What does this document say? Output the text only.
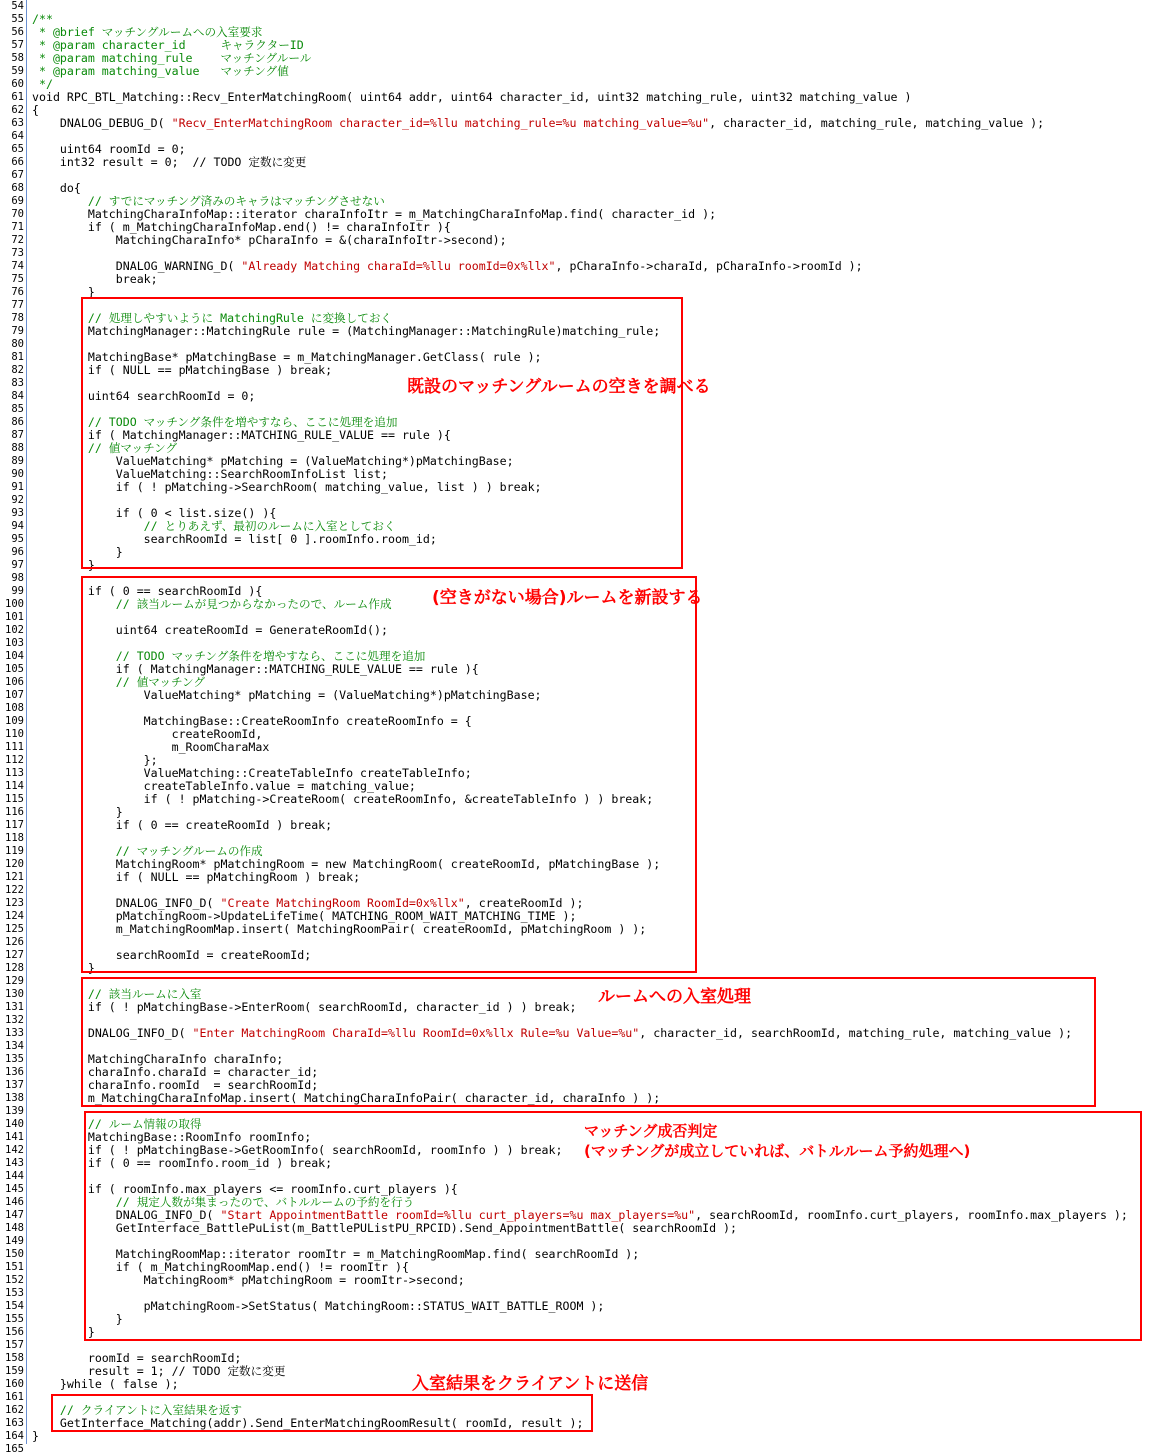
54
55 /**
56 * @brief マッチングルームへの入室要求
57 * @param character_id     キャラクターID
58 * @param matching_rule    マッチングルール
59 * @param matching_value   マッチング値
60 */
61 void RPC_BTL_Matching::Recv_EnterMatchingRoom( uint64 addr, uint64 character_id, uint32 matching_rule, uint32 matching_value )
62 {
63 DNALOG_DEBUG_D( "Recv_EnterMatchingRoom character_id=%llu matching_rule=%u matching_value=%u", character_id, matching_rule, matching_value );
64
65 uint64 roomId = 0;
66 int32 result = 0;  // TODO 定数に変更
67
68 do{
69 // すでにマッチング済みのキャラはマッチングさせない
70 MatchingCharaInfoMap::iterator charaInfoItr = m_MatchingCharaInfoMap.find( character_id );
71 if ( m_MatchingCharaInfoMap.end() != charaInfoItr ){
72 MatchingCharaInfo* pCharaInfo = &(charaInfoItr->second);
73
74 DNALOG_WARNING_D( "Already Matching charaId=%llu roomId=0x%llx", pCharaInfo->charaId, pCharaInfo->roomId );
75 break;
76 }
77
78 // 処理しやすいように MatchingRule に変換しておく
79 MatchingManager::MatchingRule rule = (MatchingManager::MatchingRule)matching_rule;
80
81 MatchingBase* pMatchingBase = m_MatchingManager.GetClass( rule );
82 if ( NULL == pMatchingBase ) break;
83
84 uint64 searchRoomId = 0;
85
86 // TODO マッチング条件を増やすなら、ここに処理を追加
87 if ( MatchingManager::MATCHING_RULE_VALUE == rule ){
88 // 値マッチング
89 ValueMatching* pMatching = (ValueMatching*)pMatchingBase;
90 ValueMatching::SearchRoomInfoList list;
91 if ( ! pMatching->SearchRoom( matching_value, list ) ) break;
92
93 if ( 0 < list.size() ){
94 // とりあえず、最初のルームに入室としておく
95 searchRoomId = list[ 0 ].roomInfo.room_id;
96 }
97 }
98
99 if ( 0 == searchRoomId ){
100 // 該当ルームが見つからなかったので、ルーム作成
101
102 uint64 createRoomId = GenerateRoomId();
103
104 // TODO マッチング条件を増やすなら、ここに処理を追加
105 if ( MatchingManager::MATCHING_RULE_VALUE == rule ){
106 // 値マッチング
107 ValueMatching* pMatching = (ValueMatching*)pMatchingBase;
108
109 MatchingBase::CreateRoomInfo createRoomInfo = {
110 createRoomId,
111 m_RoomCharaMax
112 };
113 ValueMatching::CreateTableInfo createTableInfo;
114 createTableInfo.value = matching_value;
115 if ( ! pMatching->CreateRoom( createRoomInfo, &createTableInfo ) ) break;
116 }
117 if ( 0 == createRoomId ) break;
118
119 // マッチングルームの作成
120 MatchingRoom* pMatchingRoom = new MatchingRoom( createRoomId, pMatchingBase );
121 if ( NULL == pMatchingRoom ) break;
122
123 DNALOG_INFO_D( "Create MatchingRoom RoomId=0x%llx", createRoomId );
124 pMatchingRoom->UpdateLifeTime( MATCHING_ROOM_WAIT_MATCHING_TIME );
125 m_MatchingRoomMap.insert( MatchingRoomPair( createRoomId, pMatchingRoom ) );
126
127 searchRoomId = createRoomId;
128 }
129
130 // 該当ルームに入室
131 if ( ! pMatchingBase->EnterRoom( searchRoomId, character_id ) ) break;
132
133 DNALOG_INFO_D( "Enter MatchingRoom CharaId=%llu RoomId=0x%llx Rule=%u Value=%u", character_id, searchRoomId, matching_rule, matching_value );
134
135 MatchingCharaInfo charaInfo;
136 charaInfo.charaId = character_id;
137 charaInfo.roomId  = searchRoomId;
138 m_MatchingCharaInfoMap.insert( MatchingCharaInfoPair( character_id, charaInfo ) );
139
140 // ルーム情報の取得
141 MatchingBase::RoomInfo roomInfo;
142 if ( ! pMatchingBase->GetRoomInfo( searchRoomId, roomInfo ) ) break;
143 if ( 0 == roomInfo.room_id ) break;
144
145 if ( roomInfo.max_players <= roomInfo.curt_players ){
146 // 規定人数が集まったので、バトルルームの予約を行う
147 DNALOG_INFO_D( "Start AppointmentBattle roomId=%llu curt_players=%u max_players=%u", searchRoomId, roomInfo.curt_players, roomInfo.max_players );
148 GetInterface_BattlePuList(m_BattlePUListPU_RPCID).Send_AppointmentBattle( searchRoomId );
149
150 MatchingRoomMap::iterator roomItr = m_MatchingRoomMap.find( searchRoomId );
151 if ( m_MatchingRoomMap.end() != roomItr ){
152 MatchingRoom* pMatchingRoom = roomItr->second;
153
154 pMatchingRoom->SetStatus( MatchingRoom::STATUS_WAIT_BATTLE_ROOM );
155 }
156 }
157
158 roomId = searchRoomId;
159 result = 1; // TODO 定数に変更
160 }while ( false );
161
162 // クライアントに入室結果を返す
163 GetInterface_Matching(addr).Send_EnterMatchingRoomResult( roomId, result );
164 }
165
既設のマッチングルームの空きを調べる
(空きがない場合)ルームを新設する
ルームへの入室処理
マッチング成否判定
(マッチングが成立していれば、バトルルーム予約処理へ)
入室結果をクライアントに送信
